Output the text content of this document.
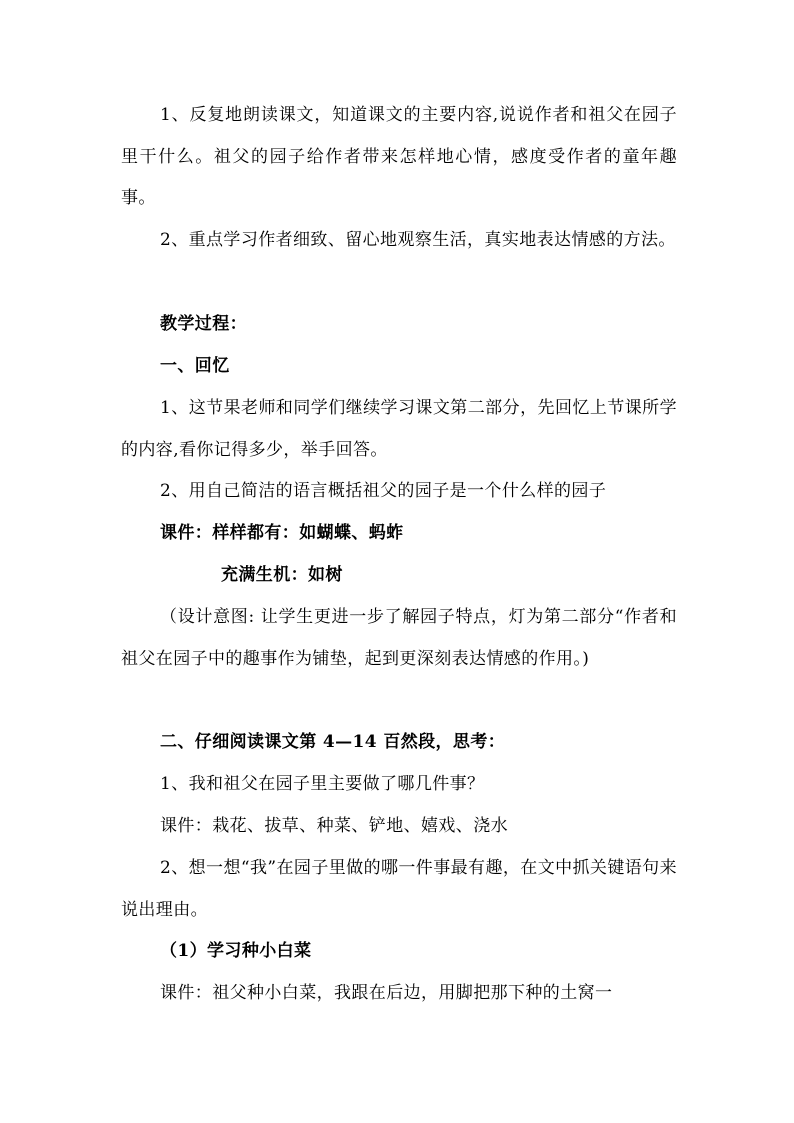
1、反复地朗读课文，知道课文的主要内容,说说作者和祖父在园子里干什么。祖父的园子给作者带来怎样地心情，感度受作者的童年趣事。

2、重点学习作者细致、留心地观察生活，真实地表达情感的方法。

教学过程：

一、回忆

1、这节果老师和同学们继续学习课文第二部分，先回忆上节课所学的内容,看你记得多少，举手回答。

2、用自己简洁的语言概括祖父的园子是一个什么样的园子

课件：样样都有：如蝴蝶、蚂蚱

充满生机：如树

（设计意图: 让学生更进一步了解园子特点，灯为第二部分“作者和祖父在园子中的趣事作为铺垫，起到更深刻表达情感的作用。)

二、仔细阅读课文第 4—14 百然段，思考：

1、我和祖父在园子里主要做了哪几件事？

课件：栽花、拔草、种菜、铲地、嬉戏、浇水

2、想一想“我”在园子里做的哪一件事最有趣，在文中抓关键语句来说出理由。

（1）学习种小白菜

课件：祖父种小白菜，我跟在后边，用脚把那下种的土窝一
